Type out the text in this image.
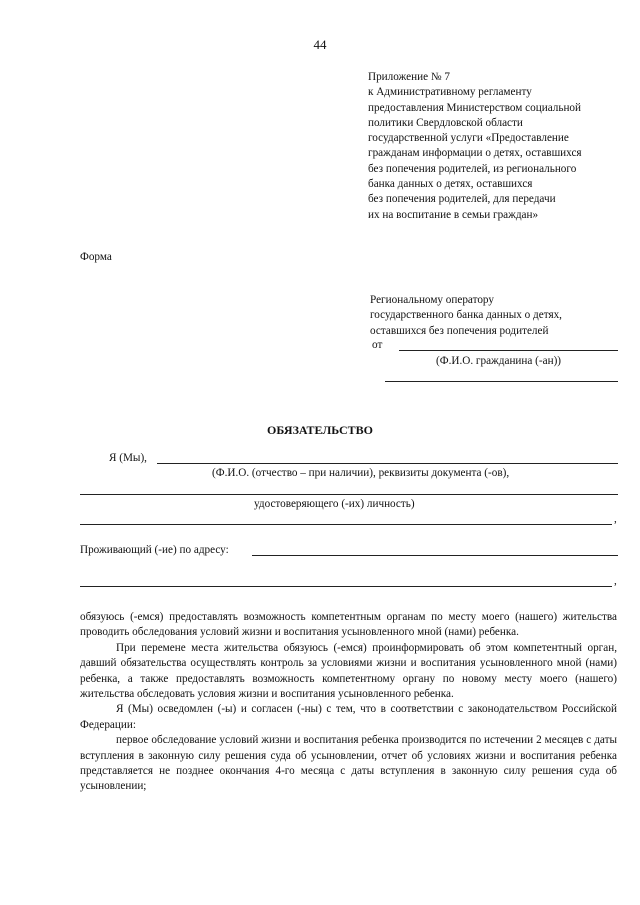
44
Приложение № 7
к Административному регламенту
предоставления Министерством социальной
политики Свердловской области
государственной услуги «Предоставление
гражданам информации о детях, оставшихся
без попечения родителей, из регионального
банка данных о детях, оставшихся
без попечения родителей, для передачи
их на воспитание в семьи граждан»
Форма
Региональному оператору
государственного банка данных о детях,
оставшихся без попечения родителей
от
(Ф.И.О. гражданина (-ан))
ОБЯЗАТЕЛЬСТВО
Я (Мы),
(Ф.И.О. (отчество – при наличии), реквизиты документа (-ов),
удостоверяющего (-их) личность)
,
Проживающий (-ие) по адресу:
,

обязуюсь (-емся) предоставлять возможность компетентным органам по месту моего (нашего) жительства проводить обследования условий жизни и воспитания усыновленного мной (нами) ребенка.

При перемене места жительства обязуюсь (-емся) проинформировать об этом компетентный орган, давший обязательства осуществлять контроль за условиями жизни и воспитания усыновленного мной (нами) ребенка, а также предоставлять возможность компетентному органу по новому месту моего (нашего) жительства обследовать условия жизни и воспитания усыновленного ребенка.

Я (Мы) осведомлен (-ы) и согласен (-ны) с тем, что в соответствии с законодательством Российской Федерации:

первое обследование условий жизни и воспитания ребенка производится по истечении 2 месяцев с даты вступления в законную силу решения суда об усыновлении, отчет об условиях жизни и воспитания ребенка представляется не позднее окончания 4-го месяца с даты вступления в законную силу решения суда об усыновлении;
